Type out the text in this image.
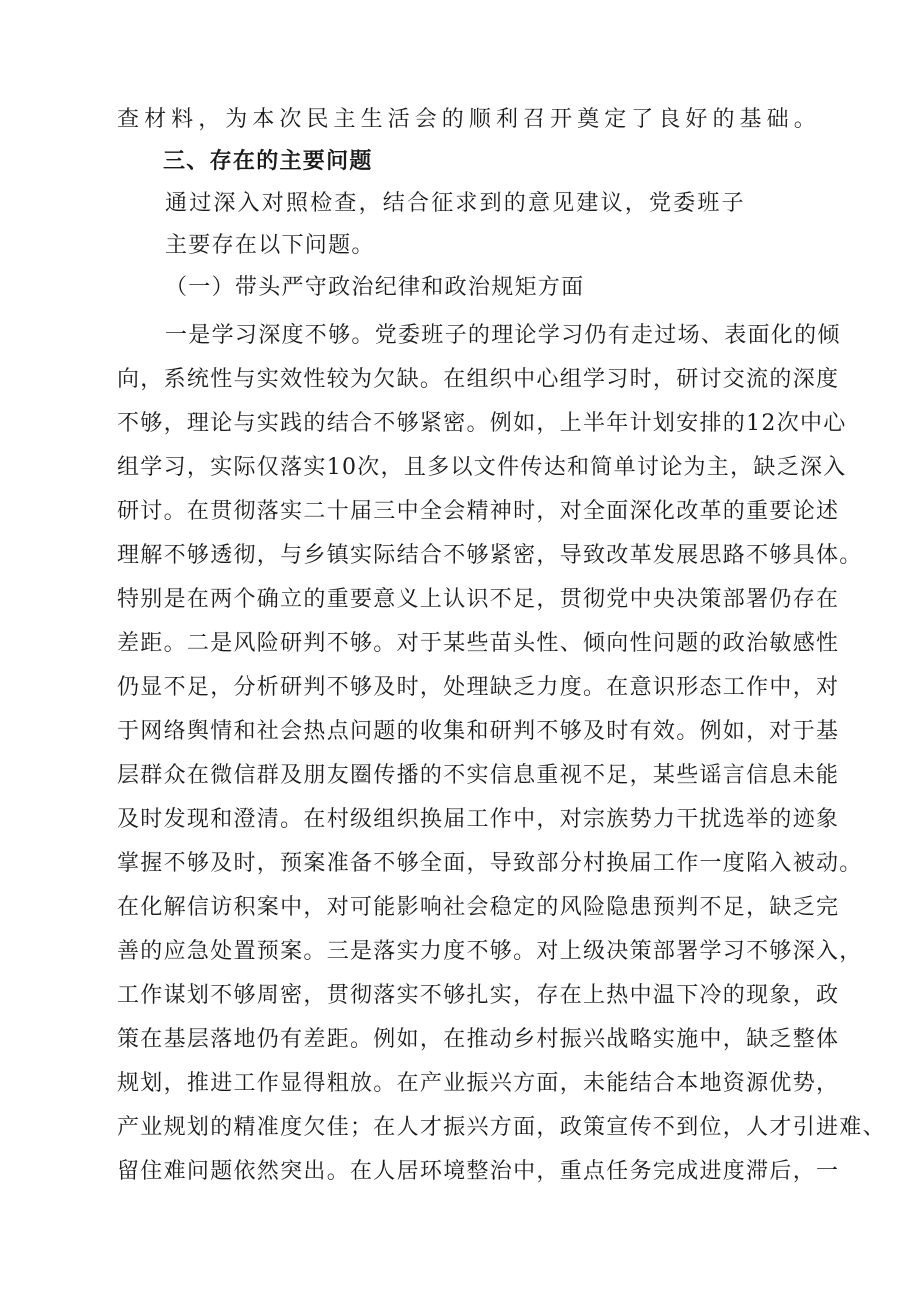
查材料，为本次民主生活会的顺利召开奠定了良好的基础。
三、存在的主要问题
通过深入对照检查，结合征求到的意见建议，党委班子
主要存在以下问题。
（一）带头严守政治纪律和政治规矩方面
一是学习深度不够。党委班子的理论学习仍有走过场、表面化的倾
向，系统性与实效性较为欠缺。在组织中心组学习时，研讨交流的深度
不够，理论与实践的结合不够紧密。例如，上半年计划安排的12次中心
组学习，实际仅落实10次，且多以文件传达和简单讨论为主，缺乏深入
研讨。在贯彻落实二十届三中全会精神时，对全面深化改革的重要论述
理解不够透彻，与乡镇实际结合不够紧密，导致改革发展思路不够具体。
特别是在两个确立的重要意义上认识不足，贯彻党中央决策部署仍存在
差距。二是风险研判不够。对于某些苗头性、倾向性问题的政治敏感性
仍显不足，分析研判不够及时，处理缺乏力度。在意识形态工作中，对
于网络舆情和社会热点问题的收集和研判不够及时有效。例如，对于基
层群众在微信群及朋友圈传播的不实信息重视不足，某些谣言信息未能
及时发现和澄清。在村级组织换届工作中，对宗族势力干扰选举的迹象
掌握不够及时，预案准备不够全面，导致部分村换届工作一度陷入被动。
在化解信访积案中，对可能影响社会稳定的风险隐患预判不足，缺乏完
善的应急处置预案。三是落实力度不够。对上级决策部署学习不够深入，
工作谋划不够周密，贯彻落实不够扎实，存在上热中温下冷的现象，政
策在基层落地仍有差距。例如，在推动乡村振兴战略实施中，缺乏整体
规划，推进工作显得粗放。在产业振兴方面，未能结合本地资源优势，
产业规划的精准度欠佳；在人才振兴方面，政策宣传不到位，人才引进难、
留住难问题依然突出。在人居环境整治中，重点任务完成进度滞后，一
